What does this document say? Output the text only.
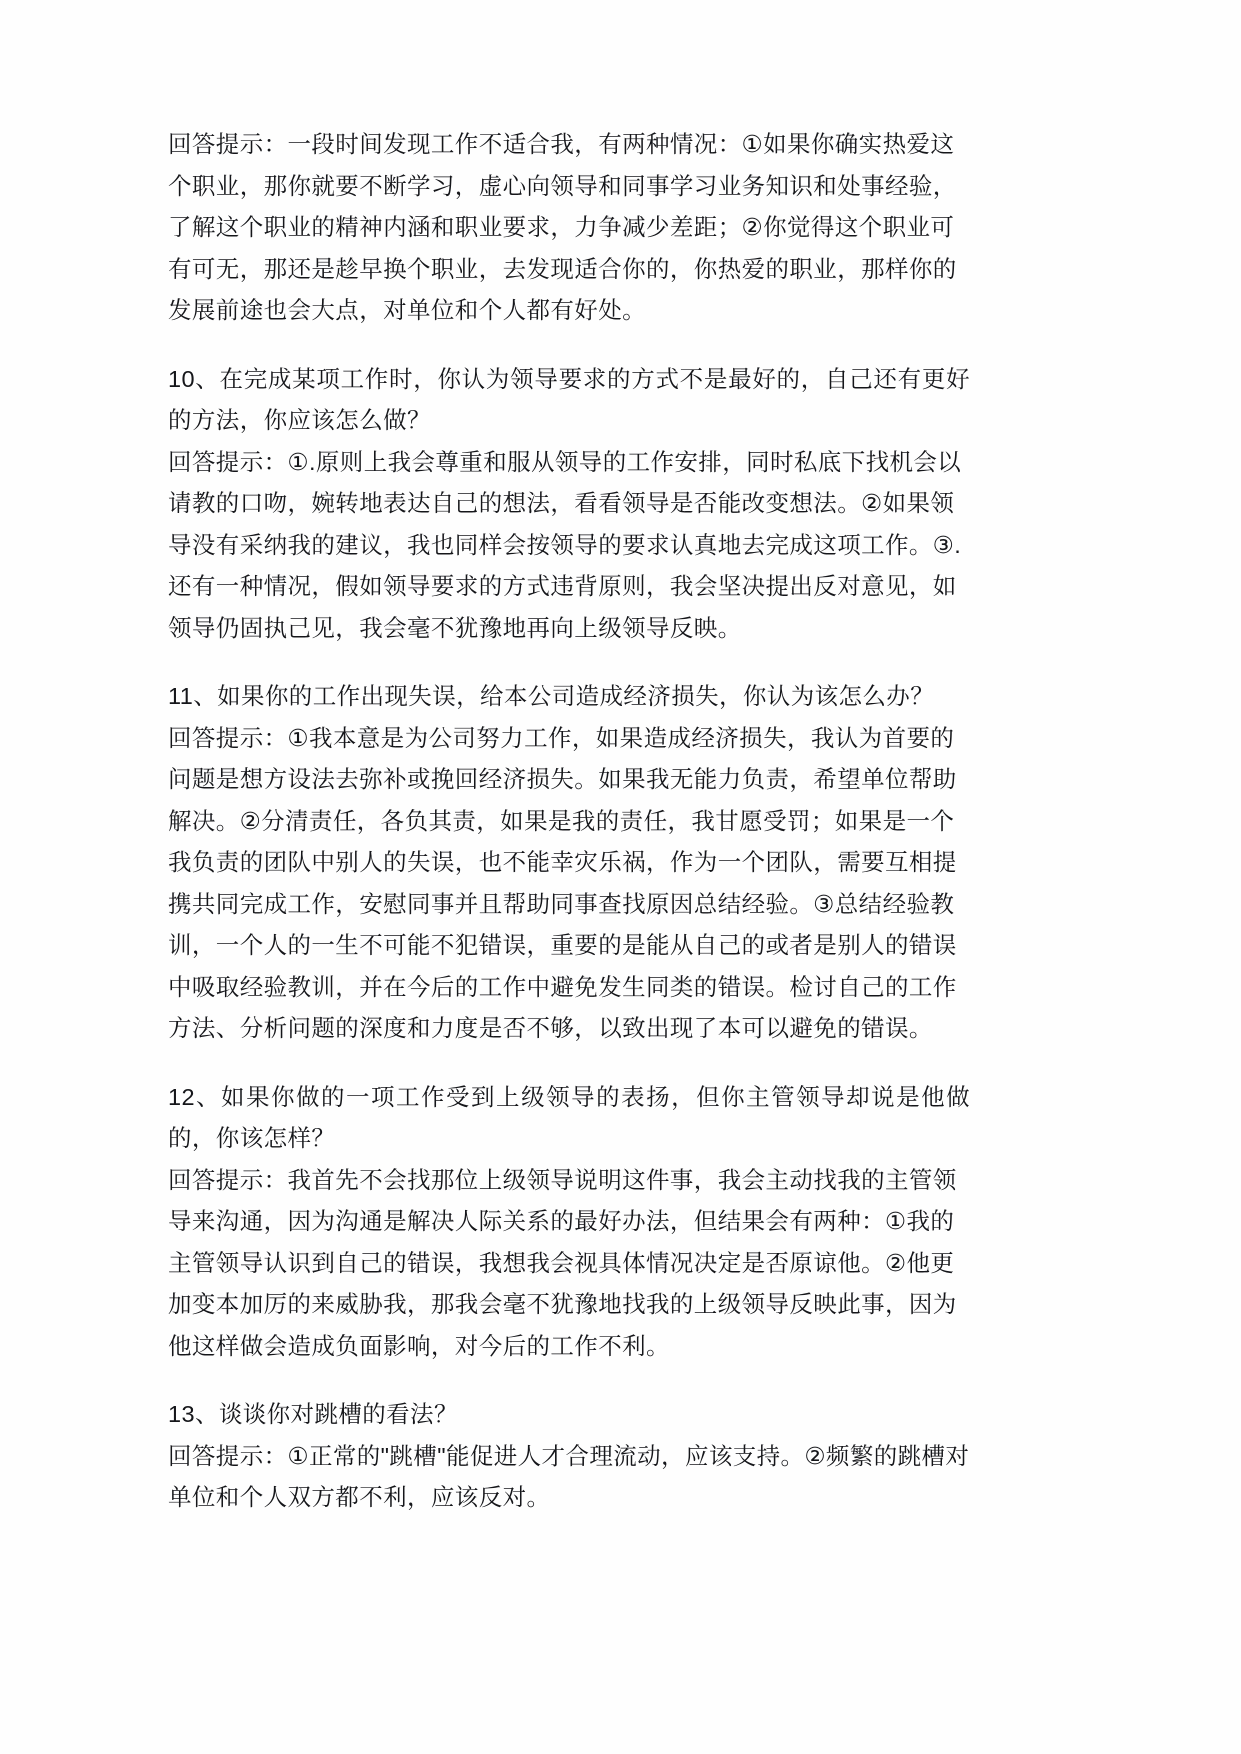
回答提示：一段时间发现工作不适合我，有两种情况：①如果你确实热爱这个职业，那你就要不断学习，虚心向领导和同事学习业务知识和处事经验，了解这个职业的精神内涵和职业要求，力争减少差距；②你觉得这个职业可有可无，那还是趁早换个职业，去发现适合你的，你热爱的职业，那样你的发展前途也会大点，对单位和个人都有好处。

10、在完成某项工作时，你认为领导要求的方式不是最好的，自己还有更好的方法，你应该怎么做？

回答提示：①.原则上我会尊重和服从领导的工作安排，同时私底下找机会以请教的口吻，婉转地表达自己的想法，看看领导是否能改变想法。②如果领导没有采纳我的建议，我也同样会按领导的要求认真地去完成这项工作。③.还有一种情况，假如领导要求的方式违背原则，我会坚决提出反对意见，如领导仍固执己见，我会毫不犹豫地再向上级领导反映。

11、如果你的工作出现失误，给本公司造成经济损失，你认为该怎么办？

回答提示：①我本意是为公司努力工作，如果造成经济损失，我认为首要的问题是想方设法去弥补或挽回经济损失。如果我无能力负责，希望单位帮助解决。②分清责任，各负其责，如果是我的责任，我甘愿受罚；如果是一个我负责的团队中别人的失误，也不能幸灾乐祸，作为一个团队，需要互相提携共同完成工作，安慰同事并且帮助同事查找原因总结经验。③总结经验教训，一个人的一生不可能不犯错误，重要的是能从自己的或者是别人的错误中吸取经验教训，并在今后的工作中避免发生同类的错误。检讨自己的工作方法、分析问题的深度和力度是否不够，以致出现了本可以避免的错误。

12、如果你做的一项工作受到上级领导的表扬，但你主管领导却说是他做的，你该怎样？

回答提示：我首先不会找那位上级领导说明这件事，我会主动找我的主管领导来沟通，因为沟通是解决人际关系的最好办法，但结果会有两种：①我的主管领导认识到自己的错误，我想我会视具体情况决定是否原谅他。②他更加变本加厉的来威胁我，那我会毫不犹豫地找我的上级领导反映此事，因为他这样做会造成负面影响，对今后的工作不利。

13、谈谈你对跳槽的看法？

回答提示：①正常的"跳槽"能促进人才合理流动，应该支持。②频繁的跳槽对单位和个人双方都不利，应该反对。
